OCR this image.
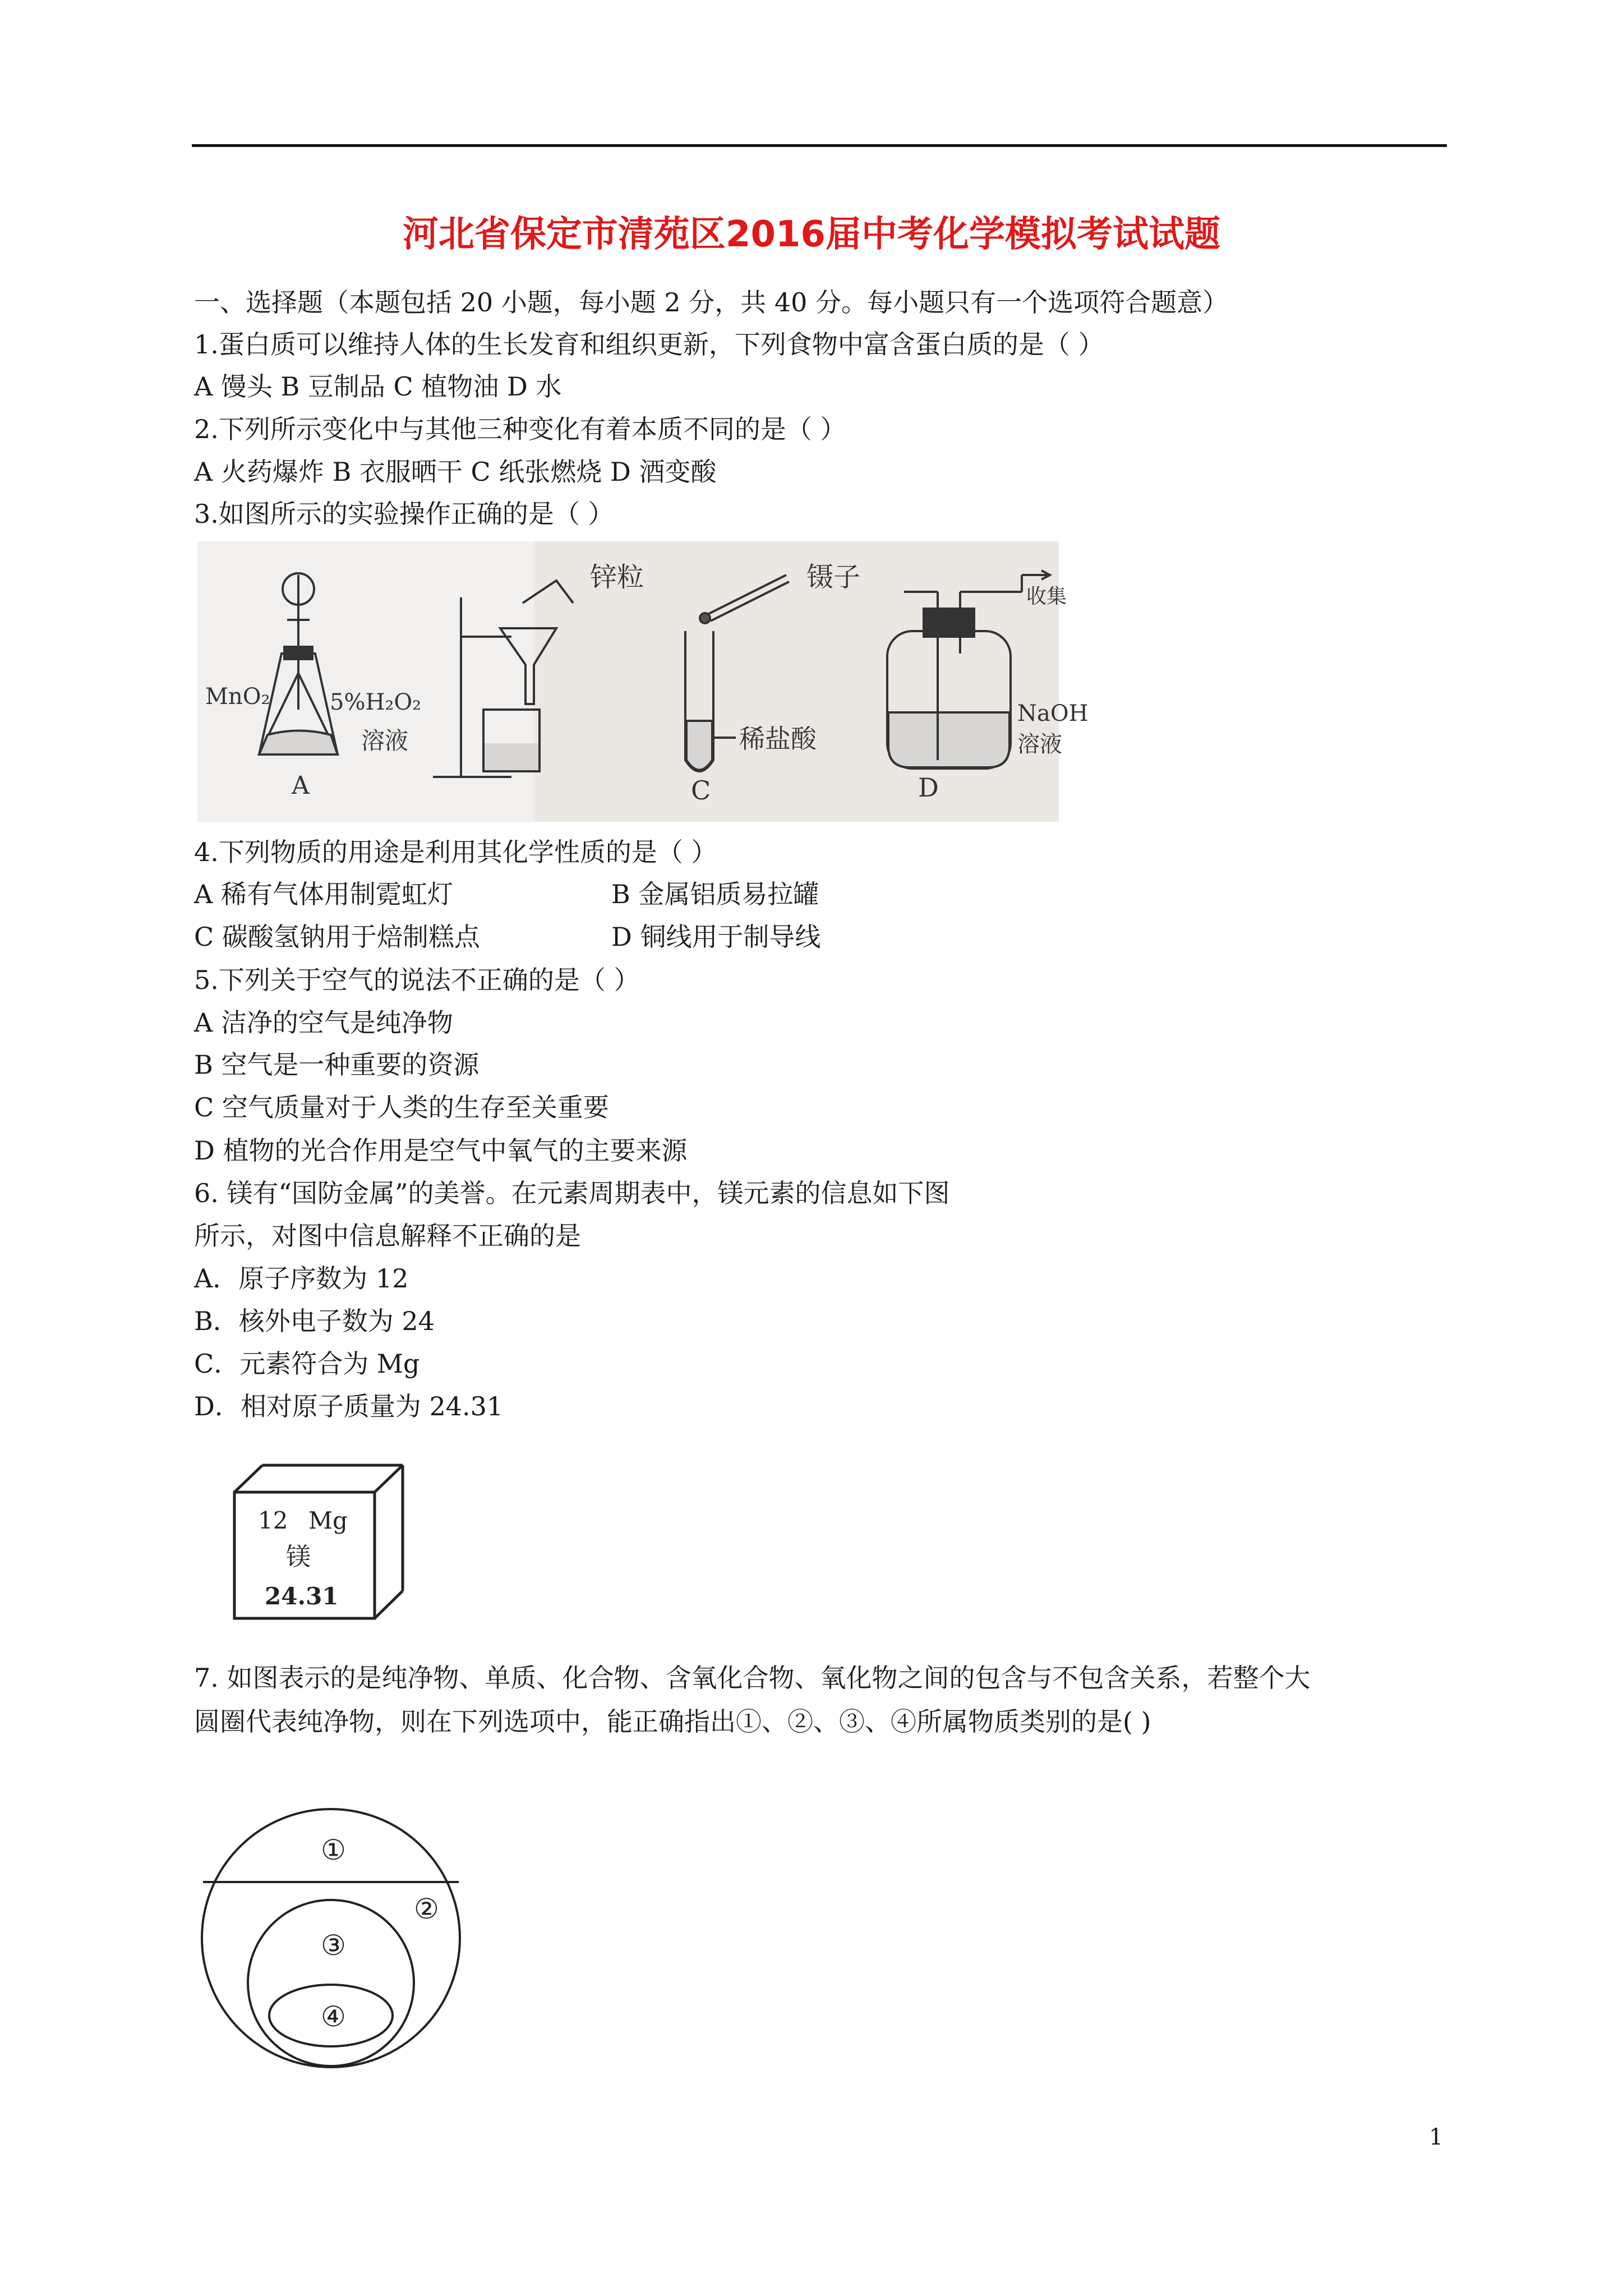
河北省保定市清苑区2016届中考化学模拟考试试题
一、选择题（本题包括 20 小题，每小题 2 分，共 40 分。每小题只有一个选项符合题意）
1.蛋白质可以维持人体的生长发育和组织更新，下列食物中富含蛋白质的是（ ）
A 馒头 B 豆制品 C 植物油 D 水
2.下列所示变化中与其他三种变化有着本质不同的是（ ）
A 火药爆炸 B 衣服晒干 C 纸张燃烧 D 酒变酸
3.如图所示的实验操作正确的是（ ）
MnO₂	5%H₂O₂
溶液
A
锌粒	镊子
稀盐酸
C
收集
NaOH
溶液
D
4.下列物质的用途是利用其化学性质的是（ ）
A 稀有气体用制霓虹灯	B 金属铝质易拉罐
C 碳酸氢钠用于焙制糕点	D 铜线用于制导线
5.下列关于空气的说法不正确的是（ ）
A 洁净的空气是纯净物
B 空气是一种重要的资源
C 空气质量对于人类的生存至关重要
D 植物的光合作用是空气中氧气的主要来源
6. 镁有“国防金属”的美誉。在元素周期表中，镁元素的信息如下图
所示，对图中信息解释不正确的是
A．原子序数为 12
B．核外电子数为 24
C．元素符合为 Mg
D．相对原子质量为 24.31
12 Mg
镁
24.31
7. 如图表示的是纯净物、单质、化合物、含氧化合物、氧化物之间的包含与不包含关系，若整个大
圆圈代表纯净物，则在下列选项中，能正确指出①、②、③、④所属物质类别的是( )
①
②
③
④
1
